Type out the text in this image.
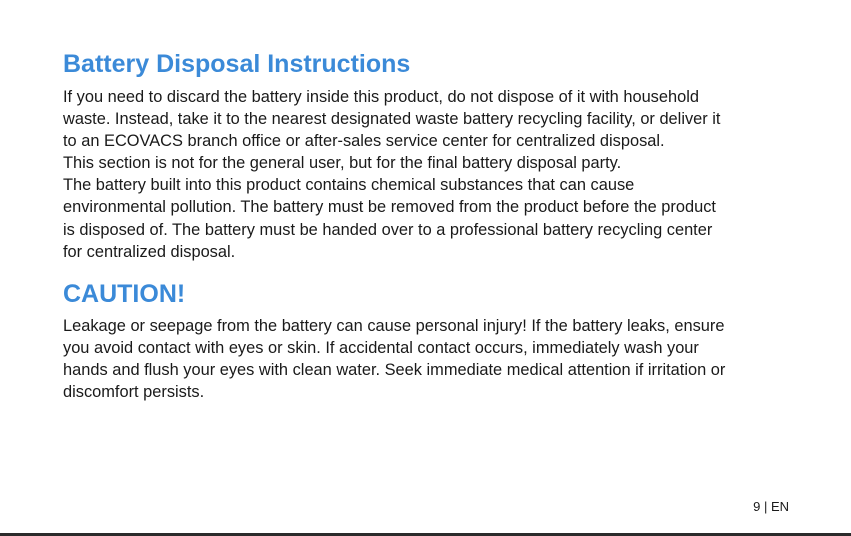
Battery Disposal Instructions
If you need to discard the battery inside this product, do not dispose of it with household
waste. Instead, take it to the nearest designated waste battery recycling facility, or deliver it
to an ECOVACS branch office or after-sales service center for centralized disposal.
This section is not for the general user, but for the final battery disposal party.
The battery built into this product contains chemical substances that can cause
environmental pollution. The battery must be removed from the product before the product
is disposed of. The battery must be handed over to a professional battery recycling center
for centralized disposal.
CAUTION!
Leakage or seepage from the battery can cause personal injury! If the battery leaks, ensure
you avoid contact with eyes or skin. If accidental contact occurs, immediately wash your
hands and flush your eyes with clean water. Seek immediate medical attention if irritation or
discomfort persists.
9 | EN
